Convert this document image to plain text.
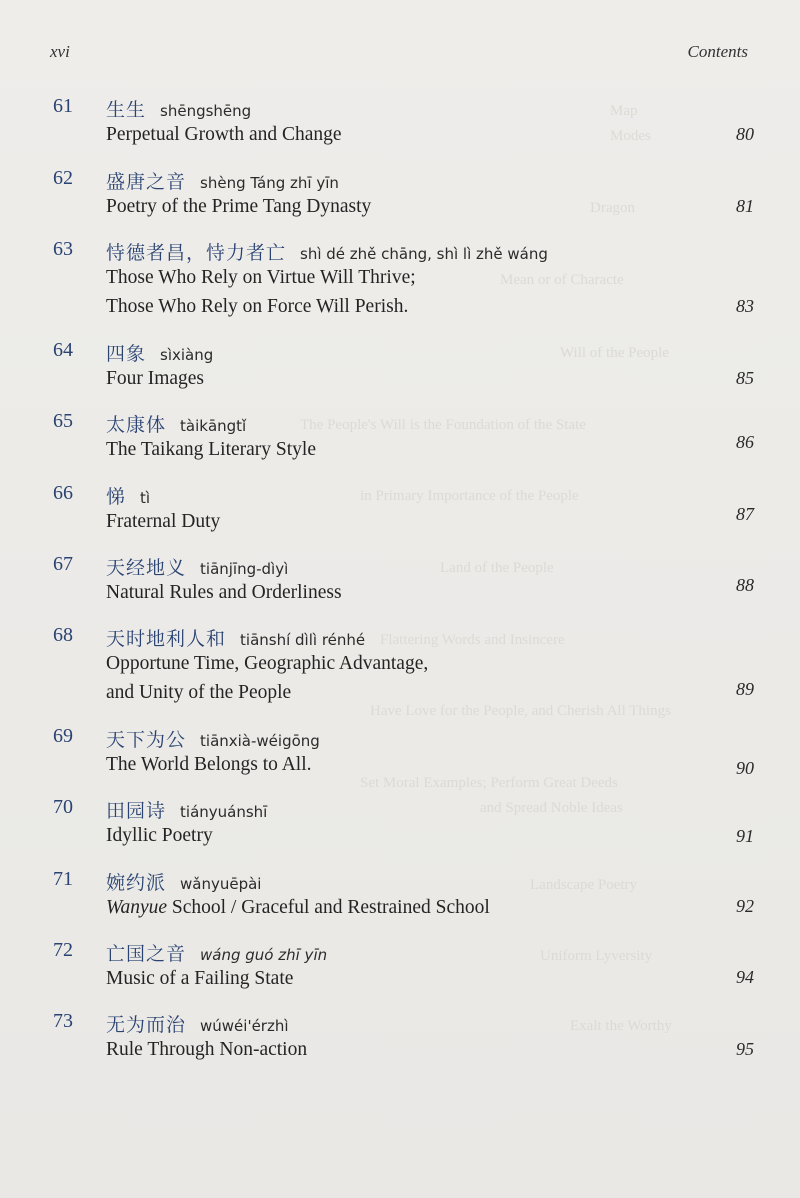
xvi	Contents
Map
Modes
Dragon
Mean or of Characte
Will of the People
The People's Will is the Foundation of the State
in Primary Importance of the People
Land of the People
Flattering Words and Insincere
Have Love for the People, and Cherish All Things
Set Moral Examples; Perform Great Deeds
and Spread Noble Ideas
Landscape Poetry
Uniform Lyversity
Exalt the Worthy
61 生生 shēngshēng
Perpetual Growth and Change	80
62 盛唐之音 shèng Táng zhī yīn
Poetry of the Prime Tang Dynasty	81
63 恃德者昌，恃力者亡 shì dé zhě chāng, shì lì zhě wáng
Those Who Rely on Virtue Will Thrive;
Those Who Rely on Force Will Perish.	83
64 四象 sìxiàng
Four Images	85
65 太康体 tàikāngtǐ
The Taikang Literary Style	86
66 悌 tì
Fraternal Duty	87
67 天经地义 tiānjīng-dìyì
Natural Rules and Orderliness	88
68 天时地利人和 tiānshí dìlì rénhé
Opportune Time, Geographic Advantage,
and Unity of the People	89
69 天下为公 tiānxià-wéigōng
The World Belongs to All.	90
70 田园诗 tiányuánshī
Idyllic Poetry	91
71 婉约派 wǎnyuēpài
Wanyue School / Graceful and Restrained School	92
72 亡国之音 wáng guó zhī yīn
Music of a Failing State	94
73 无为而治 wúwéi'érzhì
Rule Through Non-action	95
